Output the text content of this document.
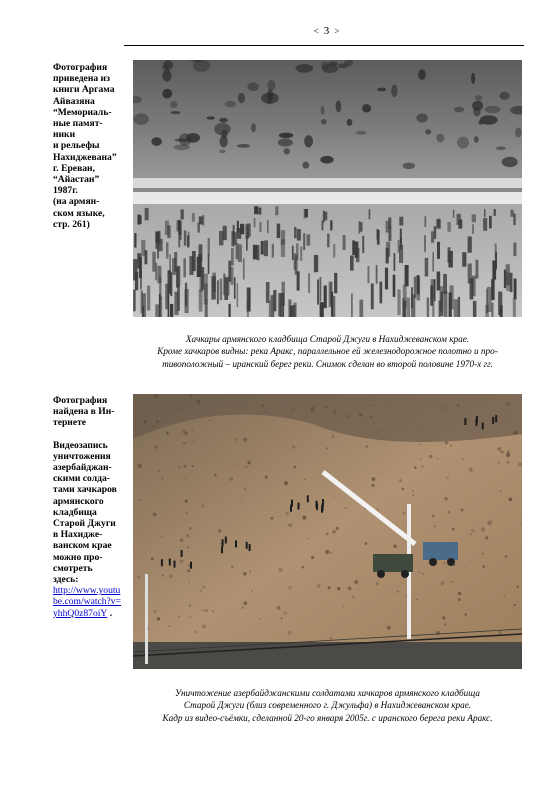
< 3 >

Фотография

приведена из

книги Аргама

Айвазяна

“Мемориаль-

ные памят-

ники

и рельефы

Нахиджевана”

г. Ереван,

“Айастан”

1987г.

(на армян-

ском языке,

стр. 261)

Хачкары армянского кладбища Старой Джуги в Нахиджеванском крае.
Кроме хачкаров видны: река Аракс, параллельное ей железнодорожное полотно и про-
тивоположный – иранский берег реки. Снимок сделан во второй половине 1970-х гг.

Фотография

найдена в Ин-

тернете

Видеозапись

уничтожения

азербайджан-

скими солда-

тами хачкаров

армянского

кладбища

Старой Джуги

в Нахидже-

ванском крае

можно про-

смотреть

здесь:

http://www.youtu

be.com/watch?v=

yhhQ0z87oiY .

Уничтожение азербайджанскими солдатами хачкаров армянского кладбища
Старой Джуги (близ современного г. Джульфа) в Нахиджеванском крае.
Кадр из видео-съёмки, сделанной 20-го января 2005г. с иранского берега реки Аракс.
